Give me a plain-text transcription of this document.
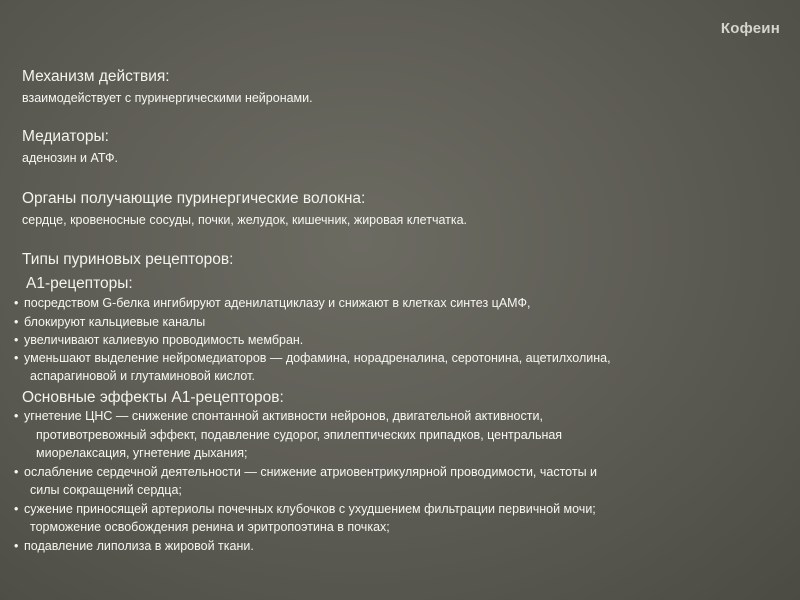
Кофеин
Механизм действия:
взаимодействует с пуринергическими нейронами.
Медиаторы:
аденозин и АТФ.
Органы получающие пуринергические волокна:
сердце, кровеносные сосуды, почки, желудок, кишечник, жировая клетчатка.
Типы пуриновых рецепторов:
А1-рецепторы:
• посредством G-белка ингибируют аденилатциклазу и снижают в клетках синтез цАМФ,
• блокируют кальциевые каналы
• увеличивают калиевую проводимость мембран.
• уменьшают выделение нейромедиаторов — дофамина, норадреналина, серотонина, ацетилхолина,
аспарагиновой и глутаминовой кислот.
Основные эффекты А1-рецепторов:
• угнетение ЦНС — снижение спонтанной активности нейронов, двигательной активности,
противотревожный эффект, подавление судорог, эпилептических припадков, центральная
миорелаксация, угнетение дыхания;
• ослабление сердечной деятельности — снижение атриовентрикулярной проводимости, частоты и
силы сокращений сердца;
• сужение приносящей артериолы почечных клубочков с ухудшением фильтрации первичной мочи;
торможение освобождения ренина и эритропоэтина в почках;
• подавление липолиза в жировой ткани.
